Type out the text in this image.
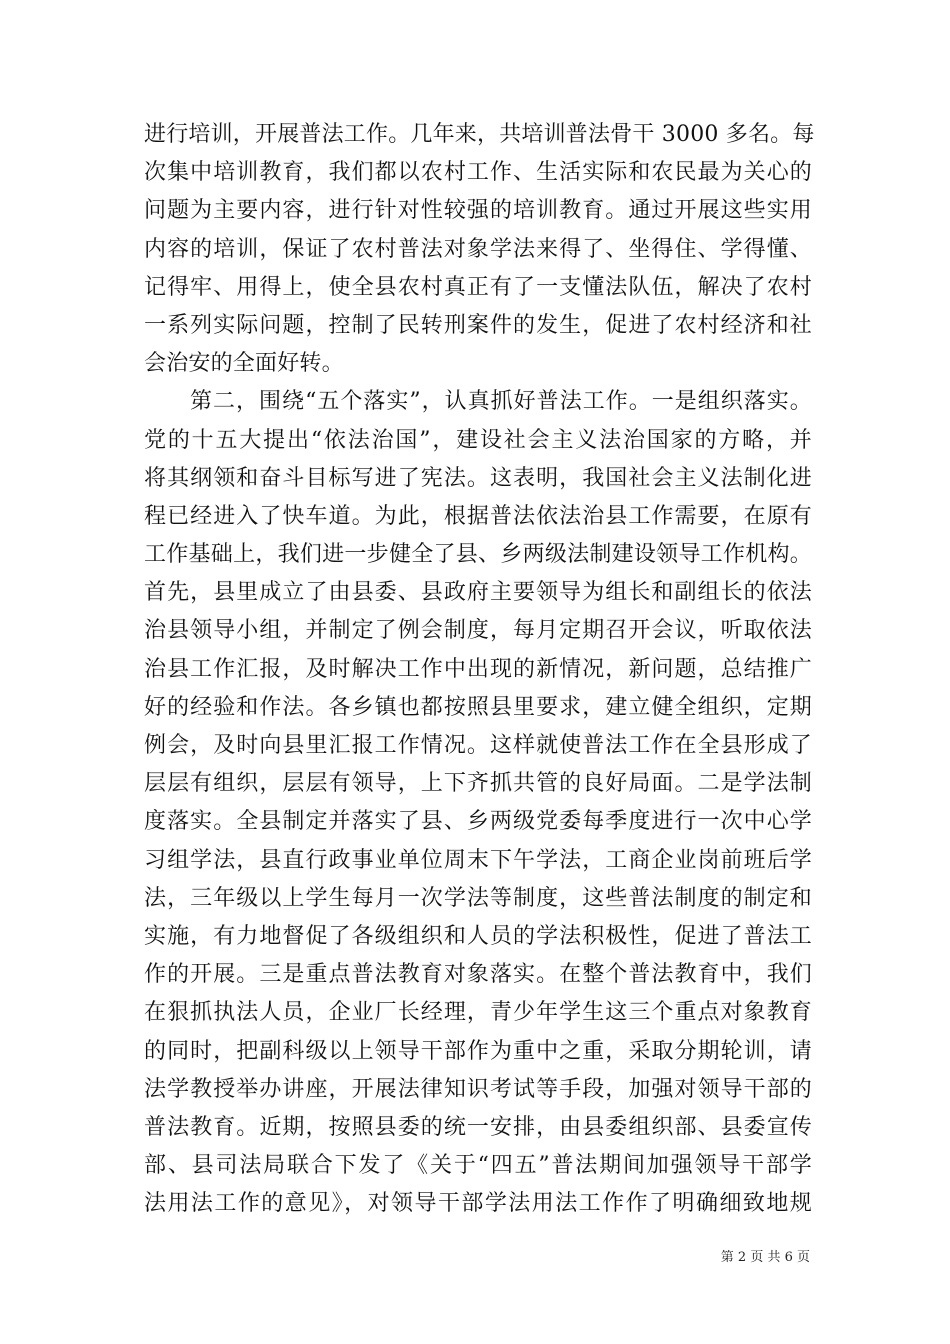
进行培训，开展普法工作。几年来，共培训普法骨干 3000 多名。每
次集中培训教育，我们都以农村工作、生活实际和农民最为关心的
问题为主要内容，进行针对性较强的培训教育。通过开展这些实用
内容的培训，保证了农村普法对象学法来得了、坐得住、学得懂、
记得牢、用得上，使全县农村真正有了一支懂法队伍，解决了农村
一系列实际问题，控制了民转刑案件的发生，促进了农村经济和社
会治安的全面好转。
　　第二，围绕“五个落实”，认真抓好普法工作。一是组织落实。
党的十五大提出“依法治国”，建设社会主义法治国家的方略，并
将其纲领和奋斗目标写进了宪法。这表明，我国社会主义法制化进
程已经进入了快车道。为此，根据普法依法治县工作需要，在原有
工作基础上，我们进一步健全了县、乡两级法制建设领导工作机构。
首先，县里成立了由县委、县政府主要领导为组长和副组长的依法
治县领导小组，并制定了例会制度，每月定期召开会议，听取依法
治县工作汇报，及时解决工作中出现的新情况，新问题，总结推广
好的经验和作法。各乡镇也都按照县里要求，建立健全组织，定期
例会，及时向县里汇报工作情况。这样就使普法工作在全县形成了
层层有组织，层层有领导，上下齐抓共管的良好局面。二是学法制
度落实。全县制定并落实了县、乡两级党委每季度进行一次中心学
习组学法，县直行政事业单位周末下午学法，工商企业岗前班后学
法，三年级以上学生每月一次学法等制度，这些普法制度的制定和
实施，有力地督促了各级组织和人员的学法积极性，促进了普法工
作的开展。三是重点普法教育对象落实。在整个普法教育中，我们
在狠抓执法人员，企业厂长经理，青少年学生这三个重点对象教育
的同时，把副科级以上领导干部作为重中之重，采取分期轮训，请
法学教授举办讲座，开展法律知识考试等手段，加强对领导干部的
普法教育。近期，按照县委的统一安排，由县委组织部、县委宣传
部、县司法局联合下发了《关于“四五”普法期间加强领导干部学
法用法工作的意见》，对领导干部学法用法工作作了明确细致地规
第 2 页 共 6 页
